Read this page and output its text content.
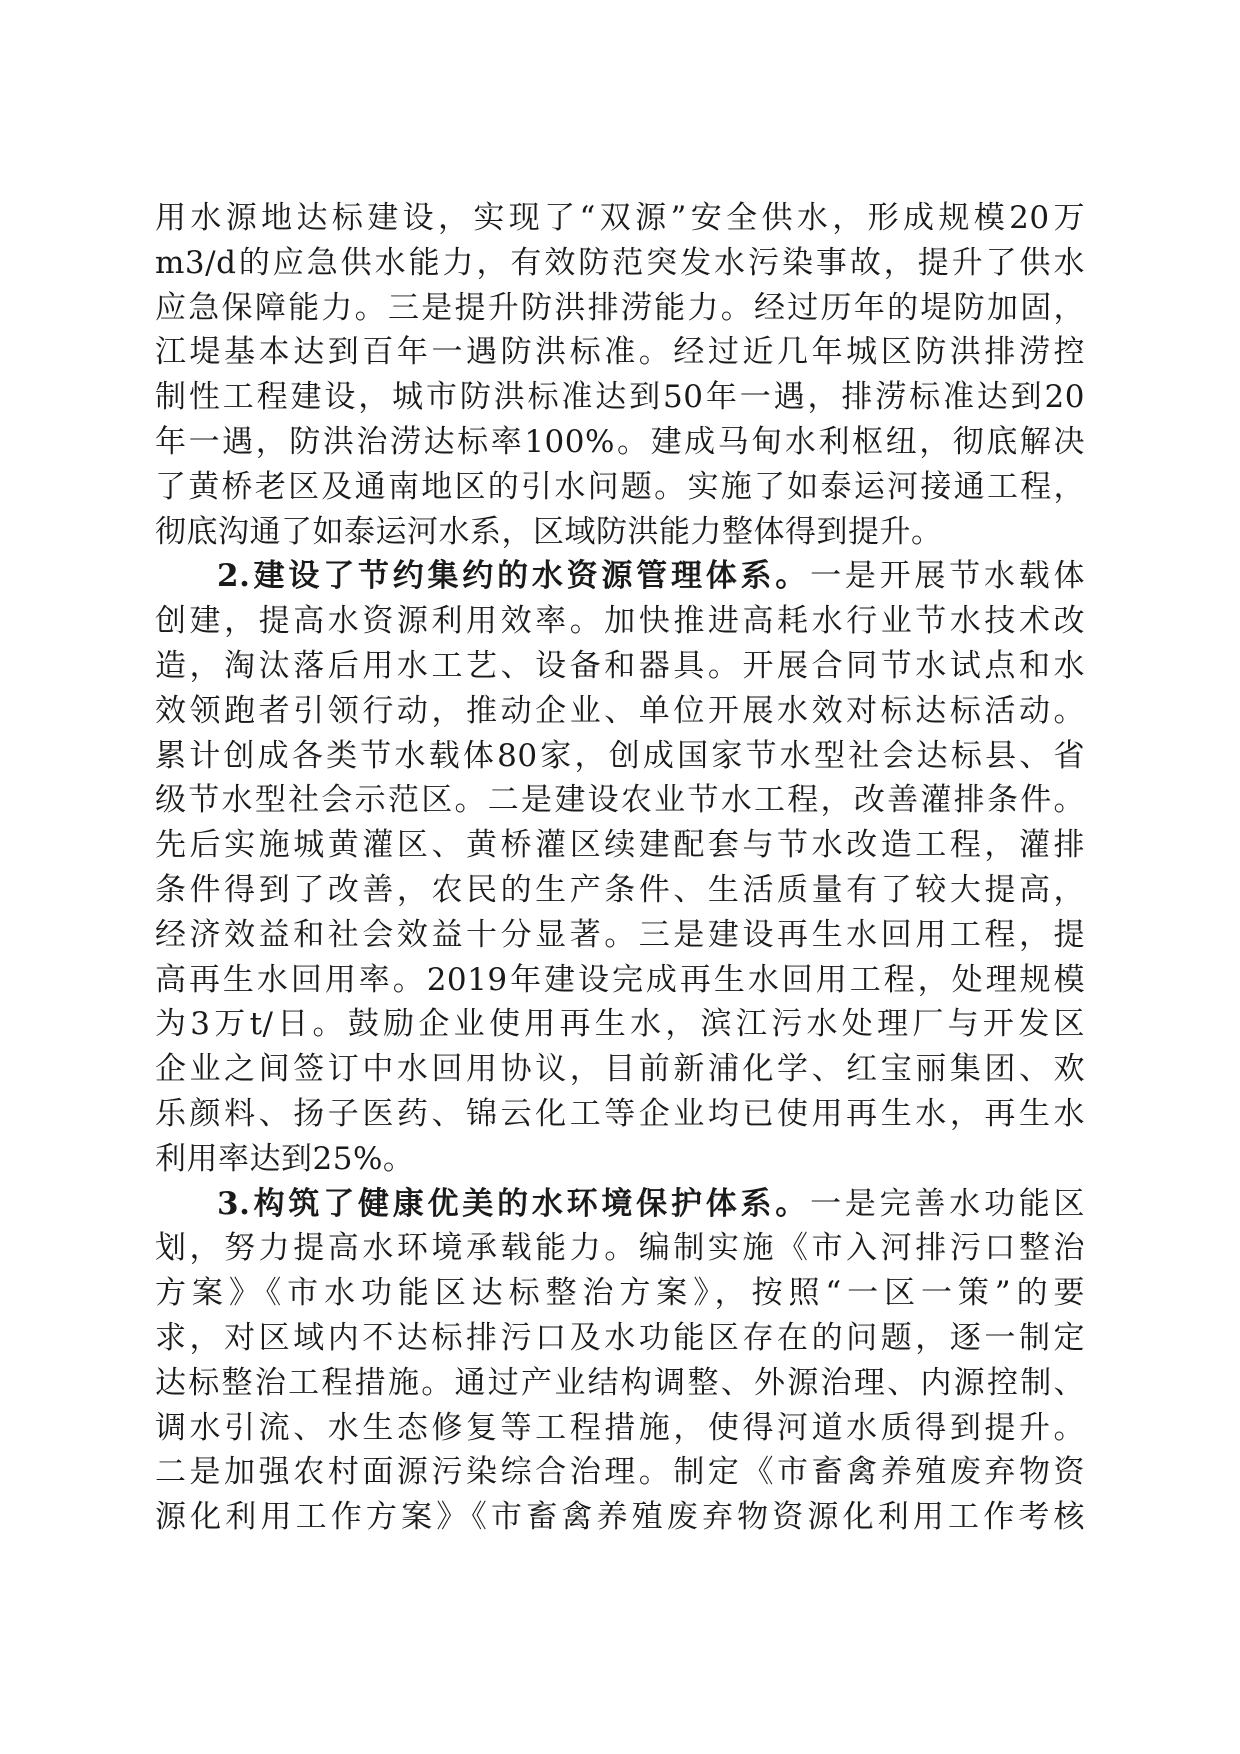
用水源地达标建设，实现了“双源”安全供水，形成规模20万
m3/d的应急供水能力，有效防范突发水污染事故，提升了供水
应急保障能力。三是提升防洪排涝能力。经过历年的堤防加固，
江堤基本达到百年一遇防洪标准。经过近几年城区防洪排涝控
制性工程建设，城市防洪标准达到50年一遇，排涝标准达到20
年一遇，防洪治涝达标率100%。建成马甸水利枢纽，彻底解决
了黄桥老区及通南地区的引水问题。实施了如泰运河接通工程，
彻底沟通了如泰运河水系，区域防洪能力整体得到提升。
2.建设了节约集约的水资源管理体系。一是开展节水载体
创建，提高水资源利用效率。加快推进高耗水行业节水技术改
造，淘汰落后用水工艺、设备和器具。开展合同节水试点和水
效领跑者引领行动，推动企业、单位开展水效对标达标活动。
累计创成各类节水载体80家，创成国家节水型社会达标县、省
级节水型社会示范区。二是建设农业节水工程，改善灌排条件。
先后实施城黄灌区、黄桥灌区续建配套与节水改造工程，灌排
条件得到了改善，农民的生产条件、生活质量有了较大提高，
经济效益和社会效益十分显著。三是建设再生水回用工程，提
高再生水回用率。2019年建设完成再生水回用工程，处理规模
为3万t/日。鼓励企业使用再生水，滨江污水处理厂与开发区
企业之间签订中水回用协议，目前新浦化学、红宝丽集团、欢
乐颜料、扬子医药、锦云化工等企业均已使用再生水，再生水
利用率达到25%。
3.构筑了健康优美的水环境保护体系。一是完善水功能区
划，努力提高水环境承载能力。编制实施《市入河排污口整治
方案》《市水功能区达标整治方案》，按照“一区一策”的要
求，对区域内不达标排污口及水功能区存在的问题，逐一制定
达标整治工程措施。通过产业结构调整、外源治理、内源控制、
调水引流、水生态修复等工程措施，使得河道水质得到提升。
二是加强农村面源污染综合治理。制定《市畜禽养殖废弃物资
源化利用工作方案》《市畜禽养殖废弃物资源化利用工作考核
